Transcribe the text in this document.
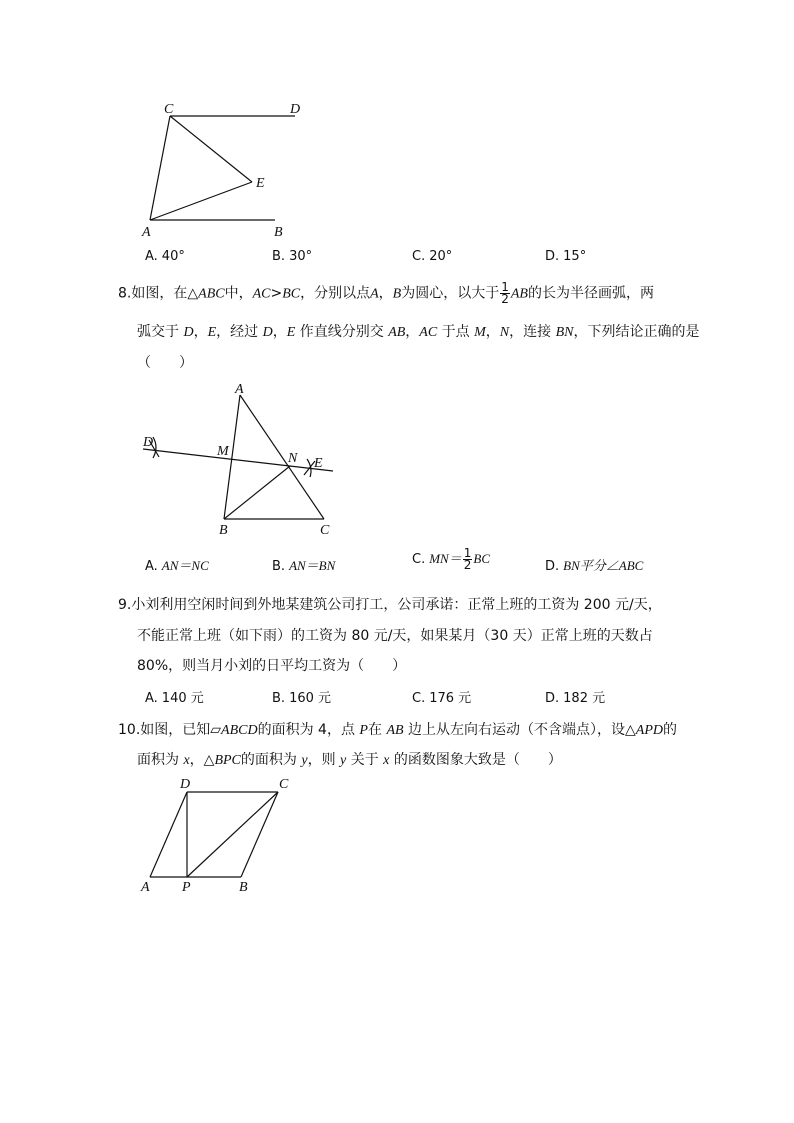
C	D
E
A	B
A. 40°	B. 30°	C. 20°	D. 15°
8.如图，在△ABC中，AC>BC，分别以点A，B为圆心，以大于 $\frac{1}{2}$ AB的长为半径画弧，两
弧交于 D，E，经过 D，E 作直线分别交 AB，AC 于点 M，N，连接 BN，下列结论正确的是
（　　）
A
D
M	N E
B	C
A. AN＝NC	B. AN＝BN	C. $MN= \frac{1}{2}$ BC
D. BN平分∠ABC
9.小刘利用空闲时间到外地某建筑公司打工，公司承诺：正常上班的工资为 200 元/天，
不能正常上班（如下雨）的工资为 80 元/天，如果某月（30 天）正常上班的天数占
80%，则当月小刘的日平均工资为（　　）
A. 140 元	B. 160 元	C. 176 元	D. 182 元
10.如图，已知▱ABCD的面积为 4，点 P在 AB 边上从左向右运动（不含端点），设△APD的
面积为 x，△BPC的面积为 y，则 y 关于 x 的函数图象大致是（　　）
D	C
A P	B
